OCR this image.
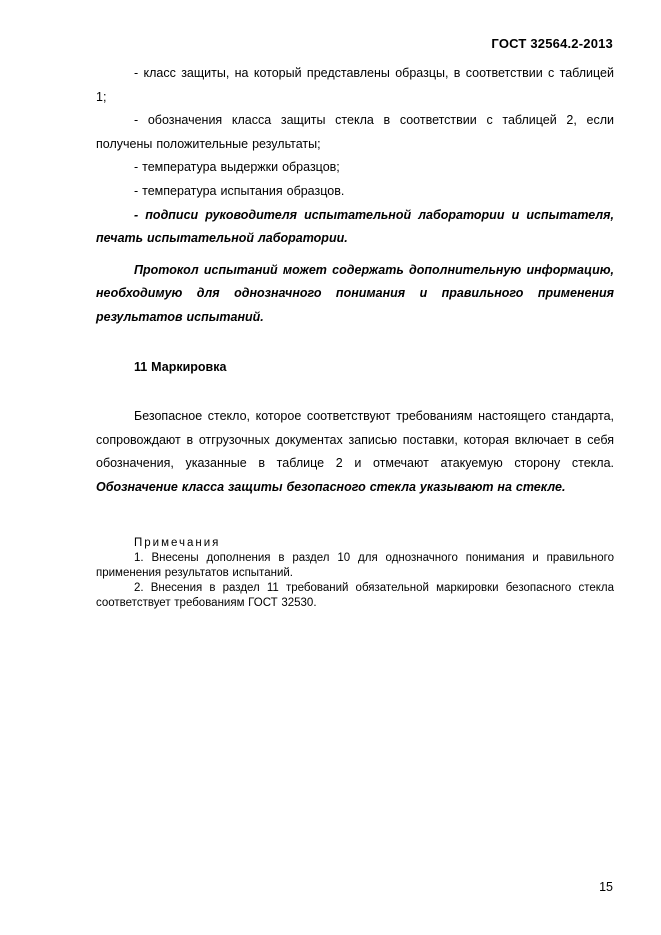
ГОСТ 32564.2-2013

- класс защиты, на который представлены образцы, в соответствии с таблицей 1;

- обозначения класса защиты стекла в соответствии с таблицей 2, если получены положительные результаты;

- температура выдержки образцов;

- температура испытания образцов.

- подписи руководителя испытательной лаборатории и испытателя, печать испытательной лаборатории.

Протокол испытаний может содержать дополнительную информацию, необходимую для однозначного понимания и правильного применения результатов испытаний.

11 Маркировка

Безопасное стекло, которое соответствуют требованиям настоящего стандарта, сопровождают в отгрузочных документах записью поставки, которая включает в себя обозначения, указанные в таблице 2 и отмечают атакуемую сторону стекла. Обозначение класса защиты безопасного стекла указывают на стекле.

Примечания

1. Внесены дополнения в раздел 10 для однозначного понимания и правильного применения результатов испытаний.

2. Внесения в раздел 11 требований обязательной маркировки безопасного стекла соответствует требованиям ГОСТ 32530.

15
